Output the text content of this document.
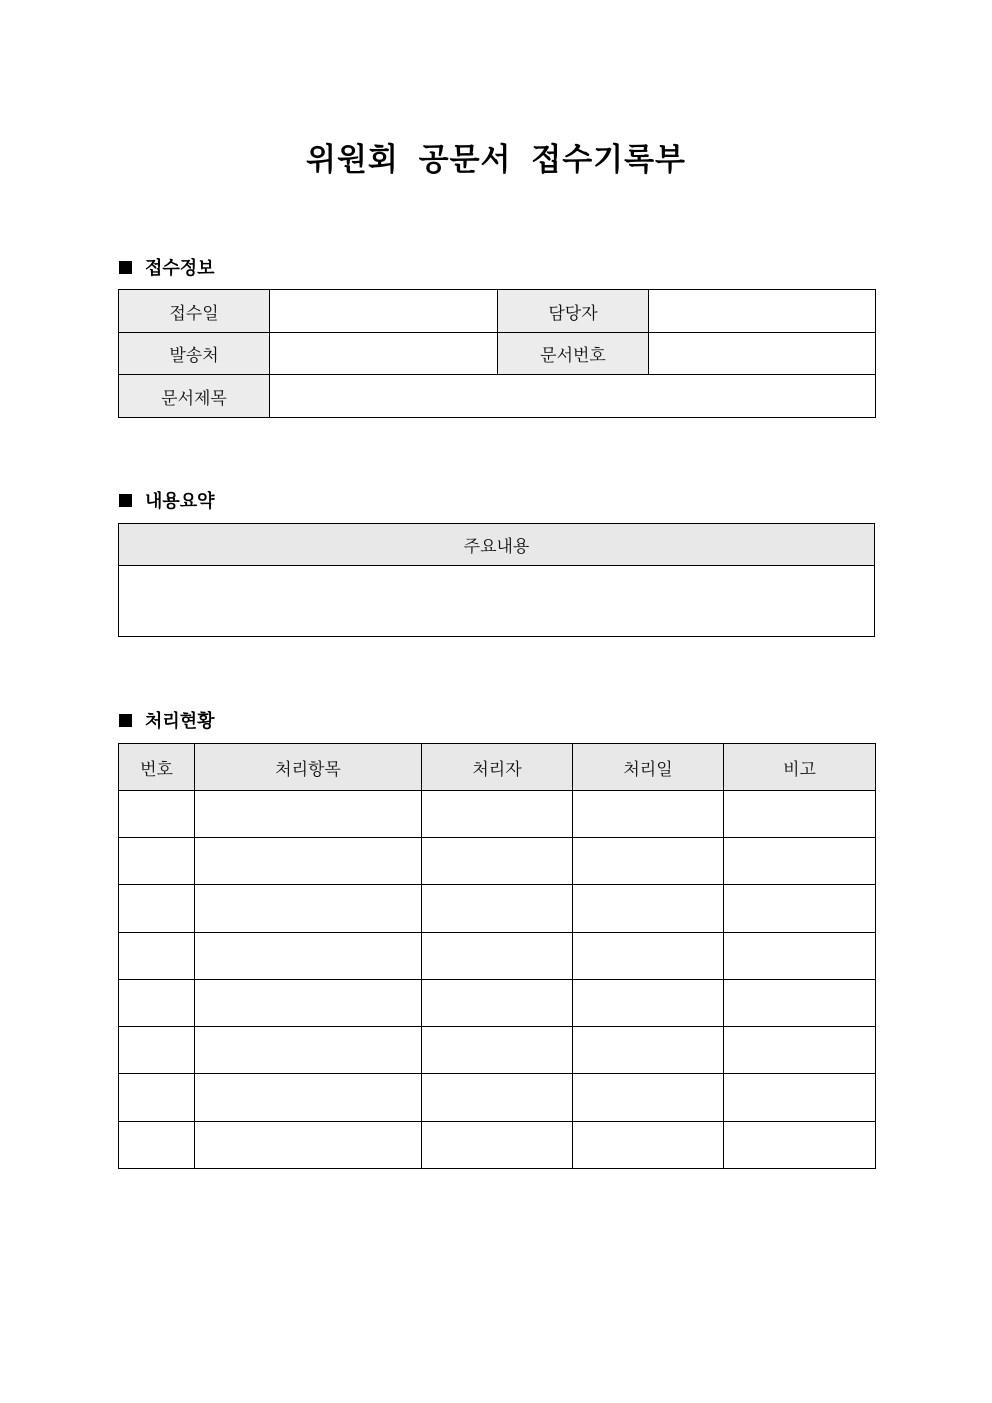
위원회 공문서 접수기록부
접수정보
접수일		담당자	
발송처		문서번호	
문서제목			
내용요약
주요내용

처리현황
번호	처리항목	처리자	처리일	비고
